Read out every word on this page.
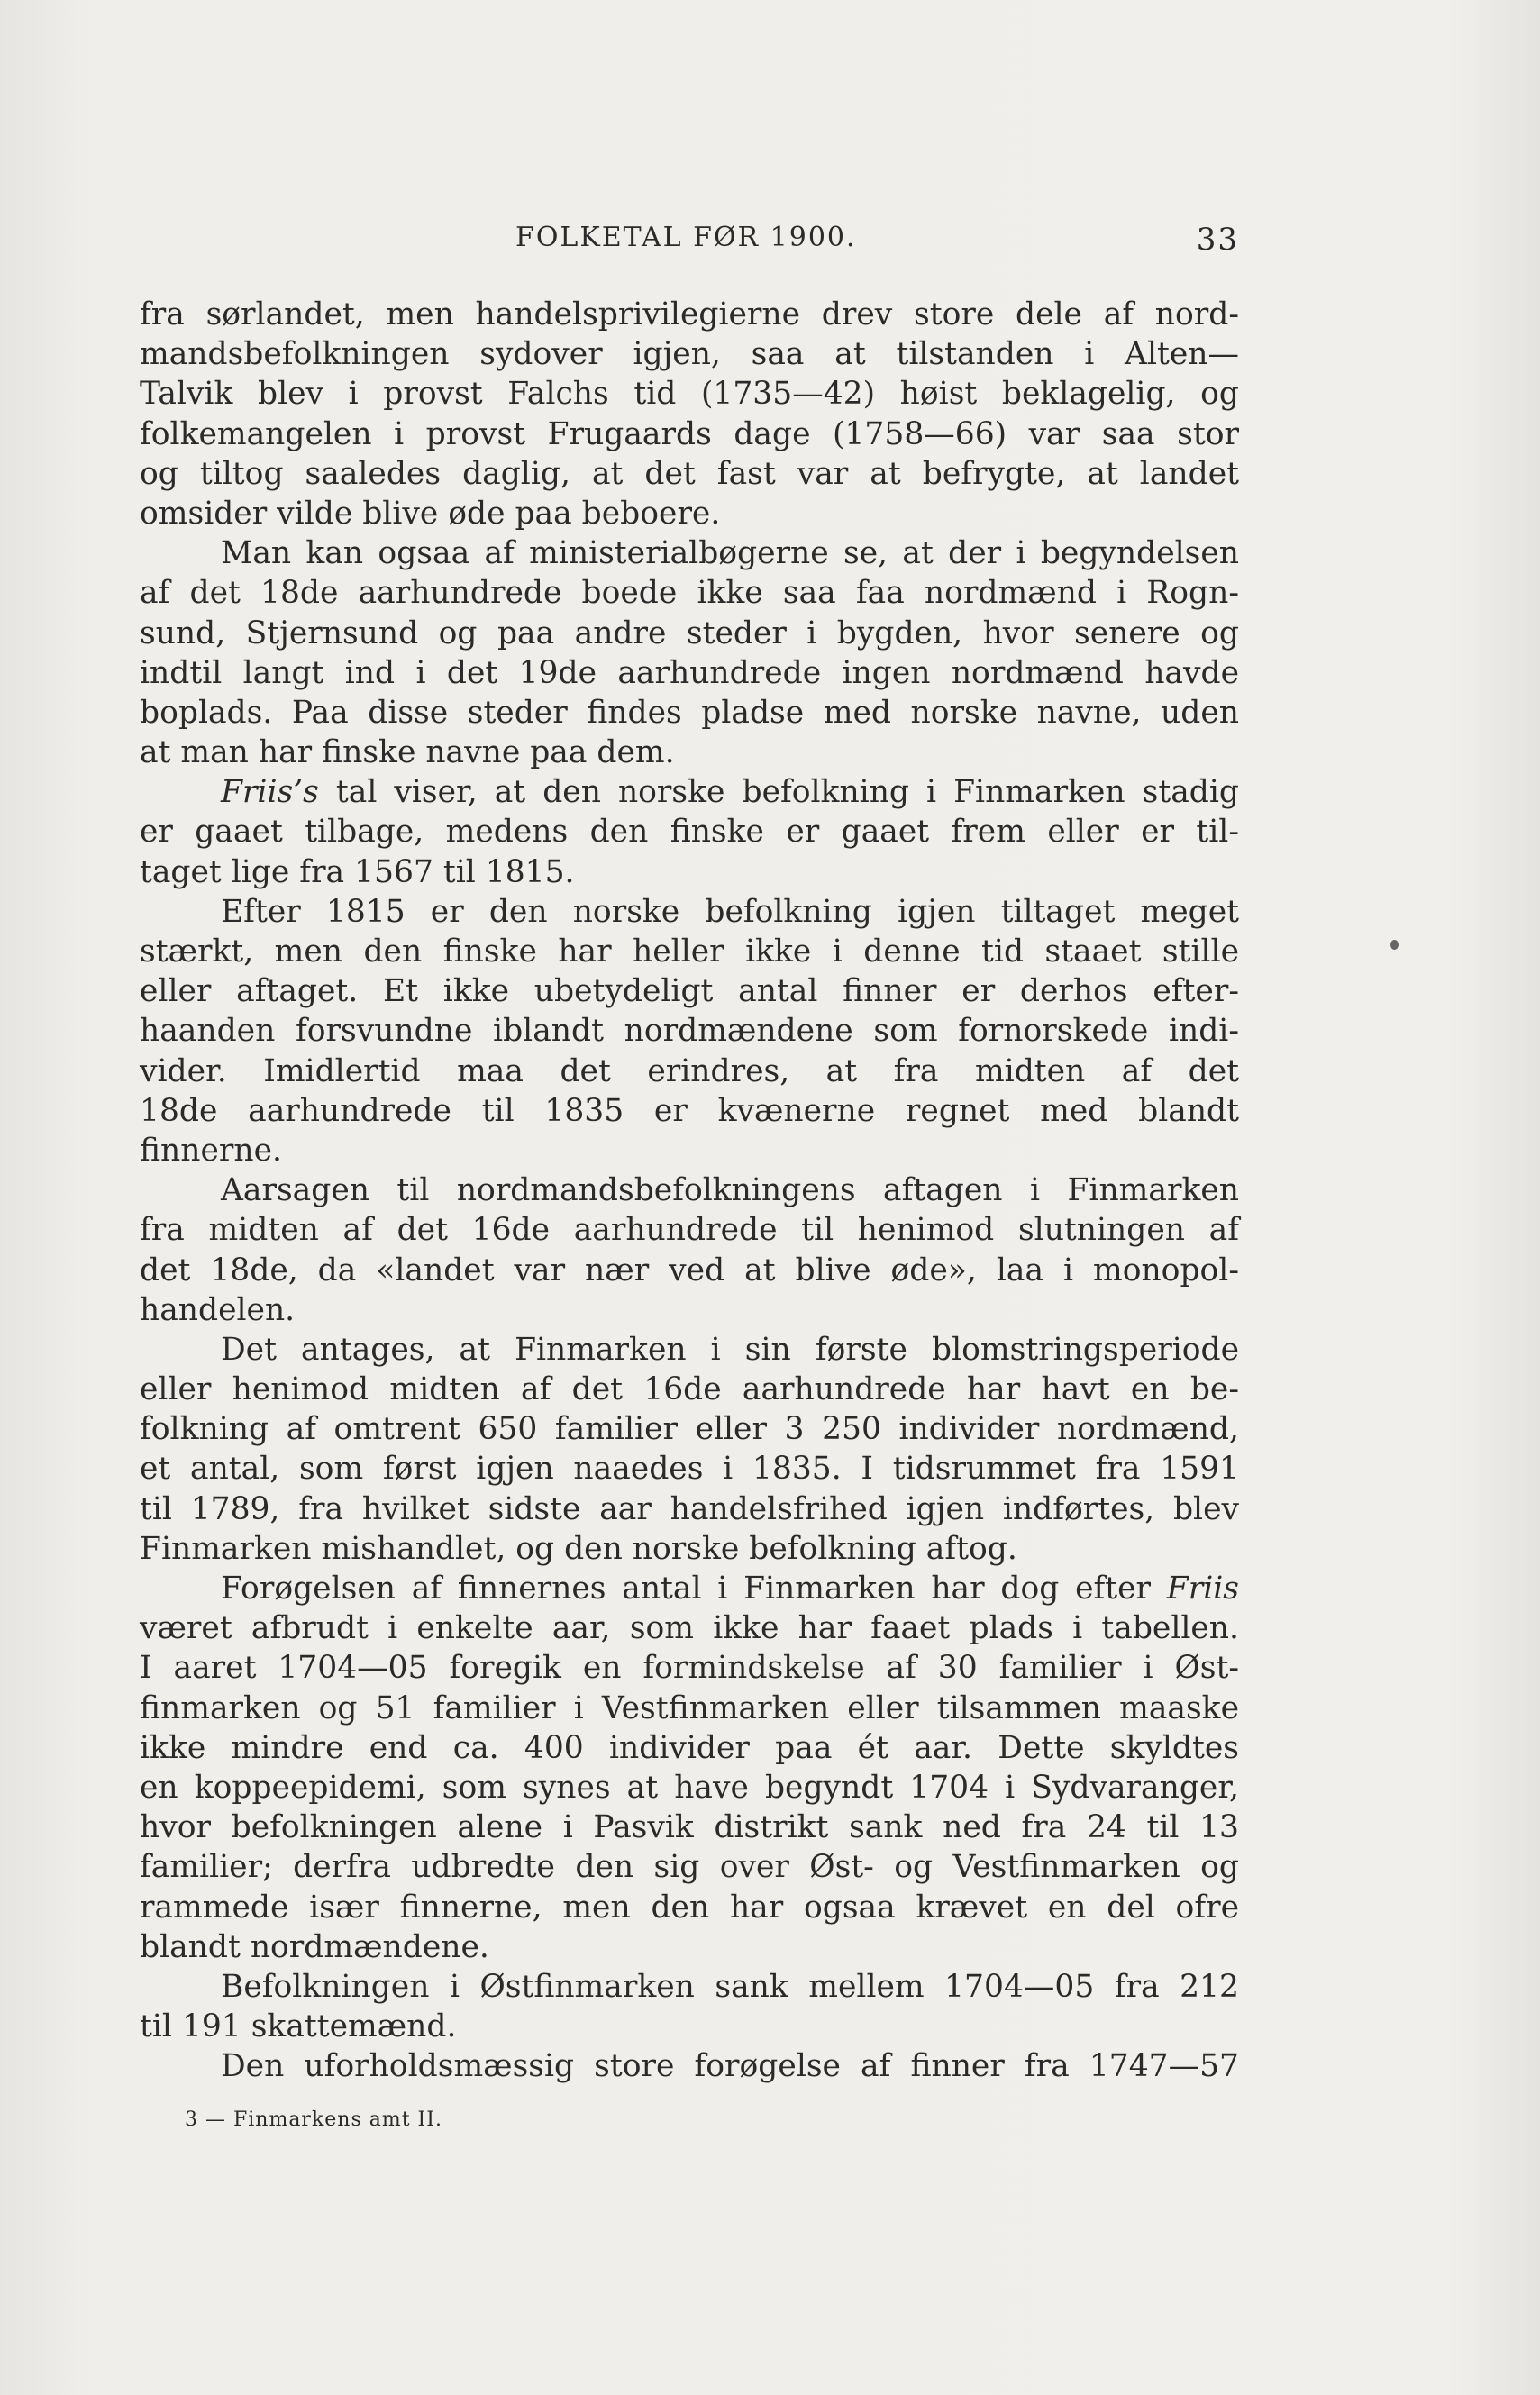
FOLKETAL FØR 1900.	33
fra sørlandet, men handelsprivilegierne drev store dele af nord-
mandsbefolkningen sydover igjen, saa at tilstanden i Alten—
Talvik blev i provst Falchs tid (1735—42) høist beklagelig, og
folkemangelen i provst Frugaards dage (1758—66) var saa stor
og tiltog saaledes daglig, at det fast var at befrygte, at landet
omsider vilde blive øde paa beboere.
Man kan ogsaa af ministerialbøgerne se, at der i begyndelsen
af det 18de aarhundrede boede ikke saa faa nordmænd i Rogn-
sund, Stjernsund og paa andre steder i bygden, hvor senere og
indtil langt ind i det 19de aarhundrede ingen nordmænd havde
boplads. Paa disse steder findes pladse med norske navne, uden
at man har finske navne paa dem.
Friis’s tal viser, at den norske befolkning i Finmarken stadig
er gaaet tilbage, medens den finske er gaaet frem eller er til-
taget lige fra 1567 til 1815.
Efter 1815 er den norske befolkning igjen tiltaget meget
stærkt, men den finske har heller ikke i denne tid staaet stille
eller aftaget. Et ikke ubetydeligt antal finner er derhos efter-
haanden forsvundne iblandt nordmændene som fornorskede indi-
vider. Imidlertid maa det erindres, at fra midten af det
18de aarhundrede til 1835 er kvænerne regnet med blandt
finnerne.
Aarsagen til nordmandsbefolkningens aftagen i Finmarken
fra midten af det 16de aarhundrede til henimod slutningen af
det 18de, da «landet var nær ved at blive øde», laa i monopol-
handelen.
Det antages, at Finmarken i sin første blomstringsperiode
eller henimod midten af det 16de aarhundrede har havt en be-
folkning af omtrent 650 familier eller 3 250 individer nordmænd,
et antal, som først igjen naaedes i 1835. I tidsrummet fra 1591
til 1789, fra hvilket sidste aar handelsfrihed igjen indførtes, blev
Finmarken mishandlet, og den norske befolkning aftog.
Forøgelsen af finnernes antal i Finmarken har dog efter Friis
været afbrudt i enkelte aar, som ikke har faaet plads i tabellen.
I aaret 1704—05 foregik en formindskelse af 30 familier i Øst-
finmarken og 51 familier i Vestfinmarken eller tilsammen maaske
ikke mindre end ca. 400 individer paa ét aar. Dette skyldtes
en koppeepidemi, som synes at have begyndt 1704 i Sydvaranger,
hvor befolkningen alene i Pasvik distrikt sank ned fra 24 til 13
familier; derfra udbredte den sig over Øst- og Vestfinmarken og
rammede især finnerne, men den har ogsaa krævet en del ofre
blandt nordmændene.
Befolkningen i Østfinmarken sank mellem 1704—05 fra 212
til 191 skattemænd.
Den uforholdsmæssig store forøgelse af finner fra 1747—57
3 — Finmarkens amt II.
